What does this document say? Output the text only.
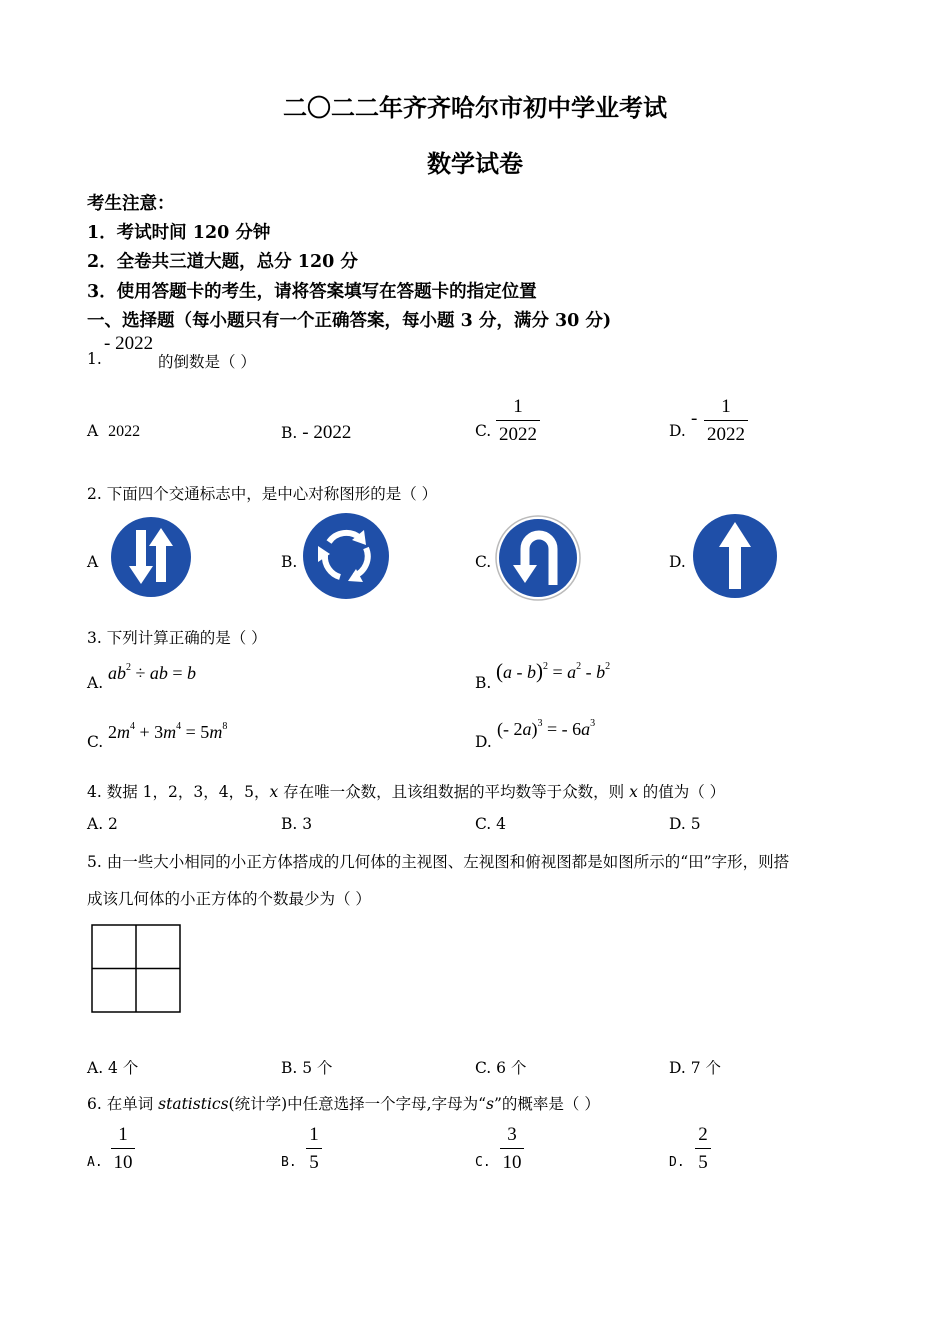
二〇二二年齐齐哈尔市初中学业考试
数学试卷
考生注意：
1．考试时间 120 分钟
2．全卷共三道大题，总分 120 分
3．使用答题卡的考生，请将答案填写在答题卡的指定位置
一、选择题（每小题只有一个正确答案，每小题 3 分，满分 30 分)
1.
- 2022
的倒数是（ ）
A 2022	B. - 2022	C.
1
2022	D.
-
1
2022
2. 下面四个交通标志中，是中心对称图形的是（ ）
A	B.	C.	D.
3. 下列计算正确的是（ ）
A. $ab^2$ ÷ ab = b	B. $(a - b)^2 = a^2 - b^2$
C. $2m^4 + 3m^4 = 5m^8$
D.
(- 2a)$^3$ = - $6a^3$
4. 数据 1，2，3，4，5，x 存在唯一众数，且该组数据的平均数等于众数，则 x 的值为（ ）
A. 2	B. 3	C. 4	D. 5
5. 由一些大小相同的小正方体搭成的几何体的主视图、左视图和俯视图都是如图所示的“田”字形，则搭
成该几何体的小正方体的个数最少为（ ）
A. 4 个	B. 5 个	C. 6 个	D. 7 个
6. 在单词 statistics(统计学)中任意选择一个字母,字母为“s”的概率是（ ）
A.
1
10	B.
1
5	C.
3
10	D.
2
5
